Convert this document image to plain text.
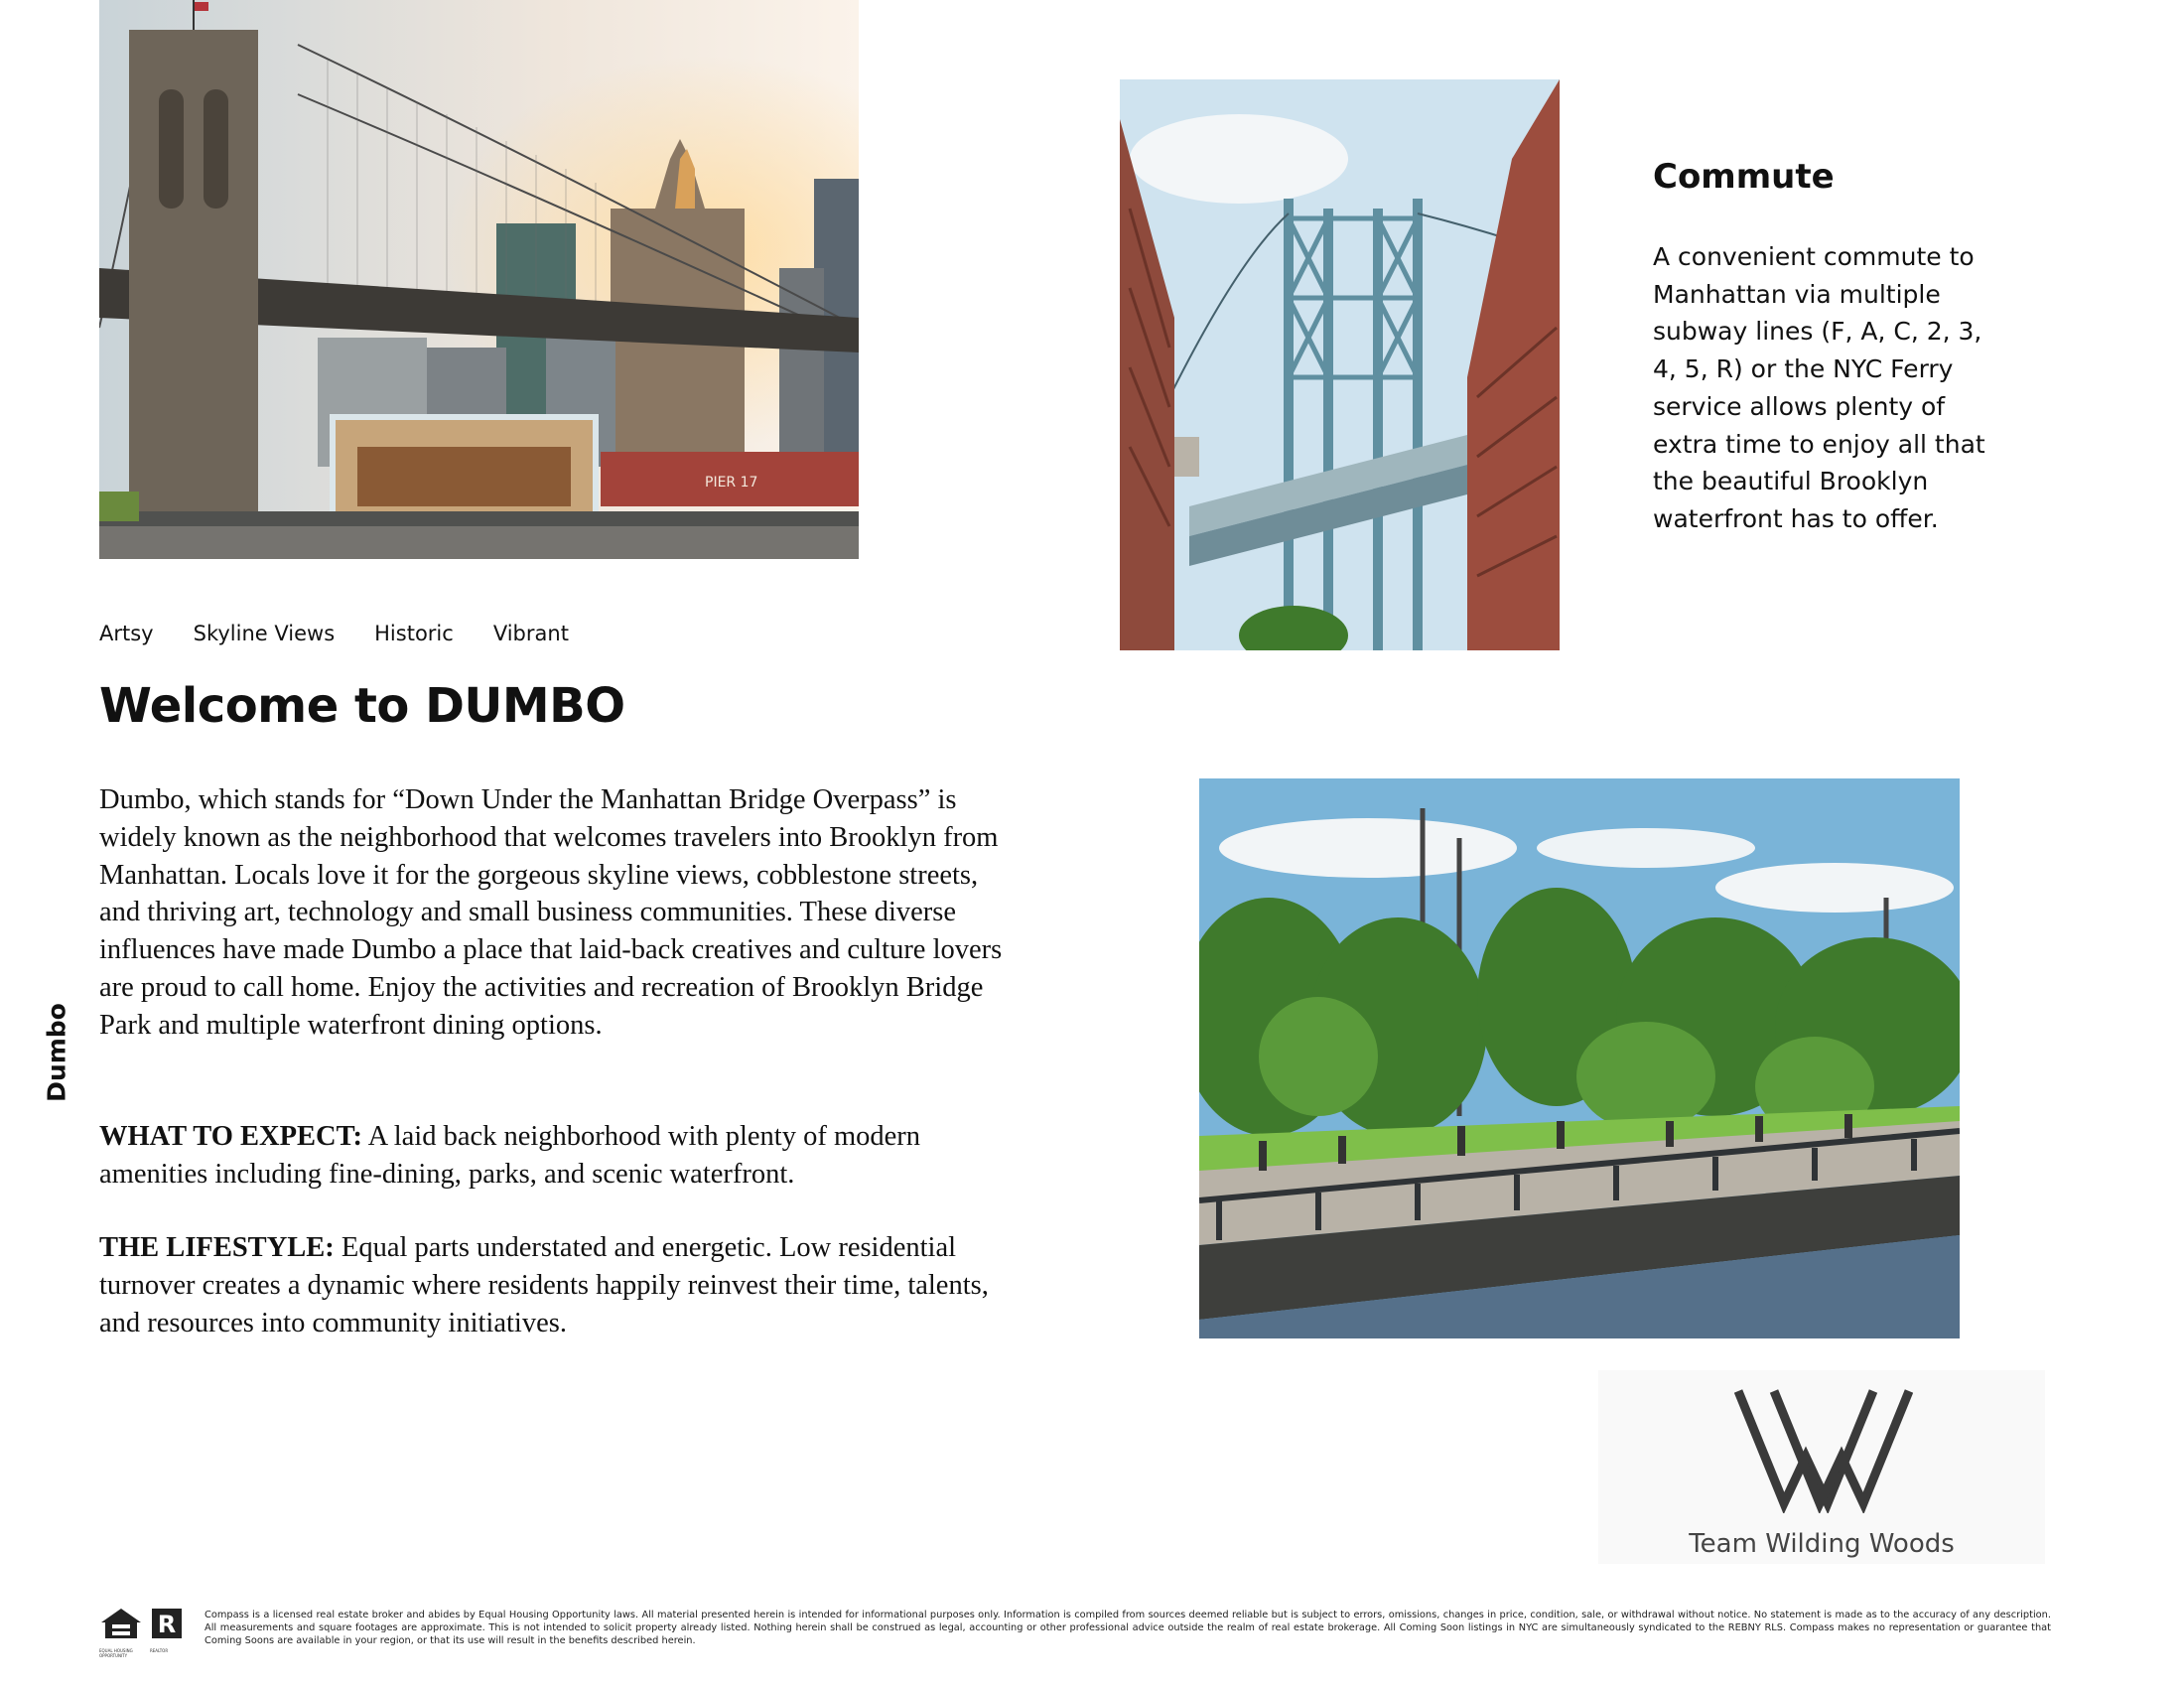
PIER 17
Artsy Skyline Views Historic Vibrant
Welcome to DUMBO

Dumbo, which stands for “Down Under the Manhattan Bridge Overpass” is widely known as the neighborhood that welcomes travelers into Brooklyn from Manhattan. Locals love it for the gorgeous skyline views, cobblestone streets, and thriving art, technology and small business communities. These diverse influences have made Dumbo a place that laid-back creatives and culture lovers are proud to call home. Enjoy the activities and recreation of Brooklyn Bridge Park and multiple waterfront dining options.

WHAT TO EXPECT: A laid back neighborhood with plenty of modern amenities including fine-dining, parks, and scenic waterfront.

THE LIFESTYLE: Equal parts understated and energetic. Low residential turnover creates a dynamic where residents happily reinvest their time, talents, and resources into community initiatives.

Commute

A convenient commute to Manhattan via multiple subway lines (F, A, C, 2, 3, 4, 5, R) or the NYC Ferry service allows plenty of extra time to enjoy all that the beautiful Brooklyn waterfront has to offer.

Dumbo
Team Wilding Woods
EQUAL HOUSING OPPORTUNITY
R
REALTOR

Compass is a licensed real estate broker and abides by Equal Housing Opportunity laws. All material presented herein is intended for informational purposes only. Information is compiled from sources deemed reliable but is subject to errors, omissions, changes in price, condition, sale, or withdrawal without notice. No statement is made as to the accuracy of any description. All measurements and square footages are approximate. This is not intended to solicit property already listed. Nothing herein shall be construed as legal, accounting or other professional advice outside the realm of real estate brokerage. All Coming Soon listings in NYC are simultaneously syndicated to the REBNY RLS. Compass makes no representation or guarantee that Coming Soons are available in your region, or that its use will result in the benefits described herein.
